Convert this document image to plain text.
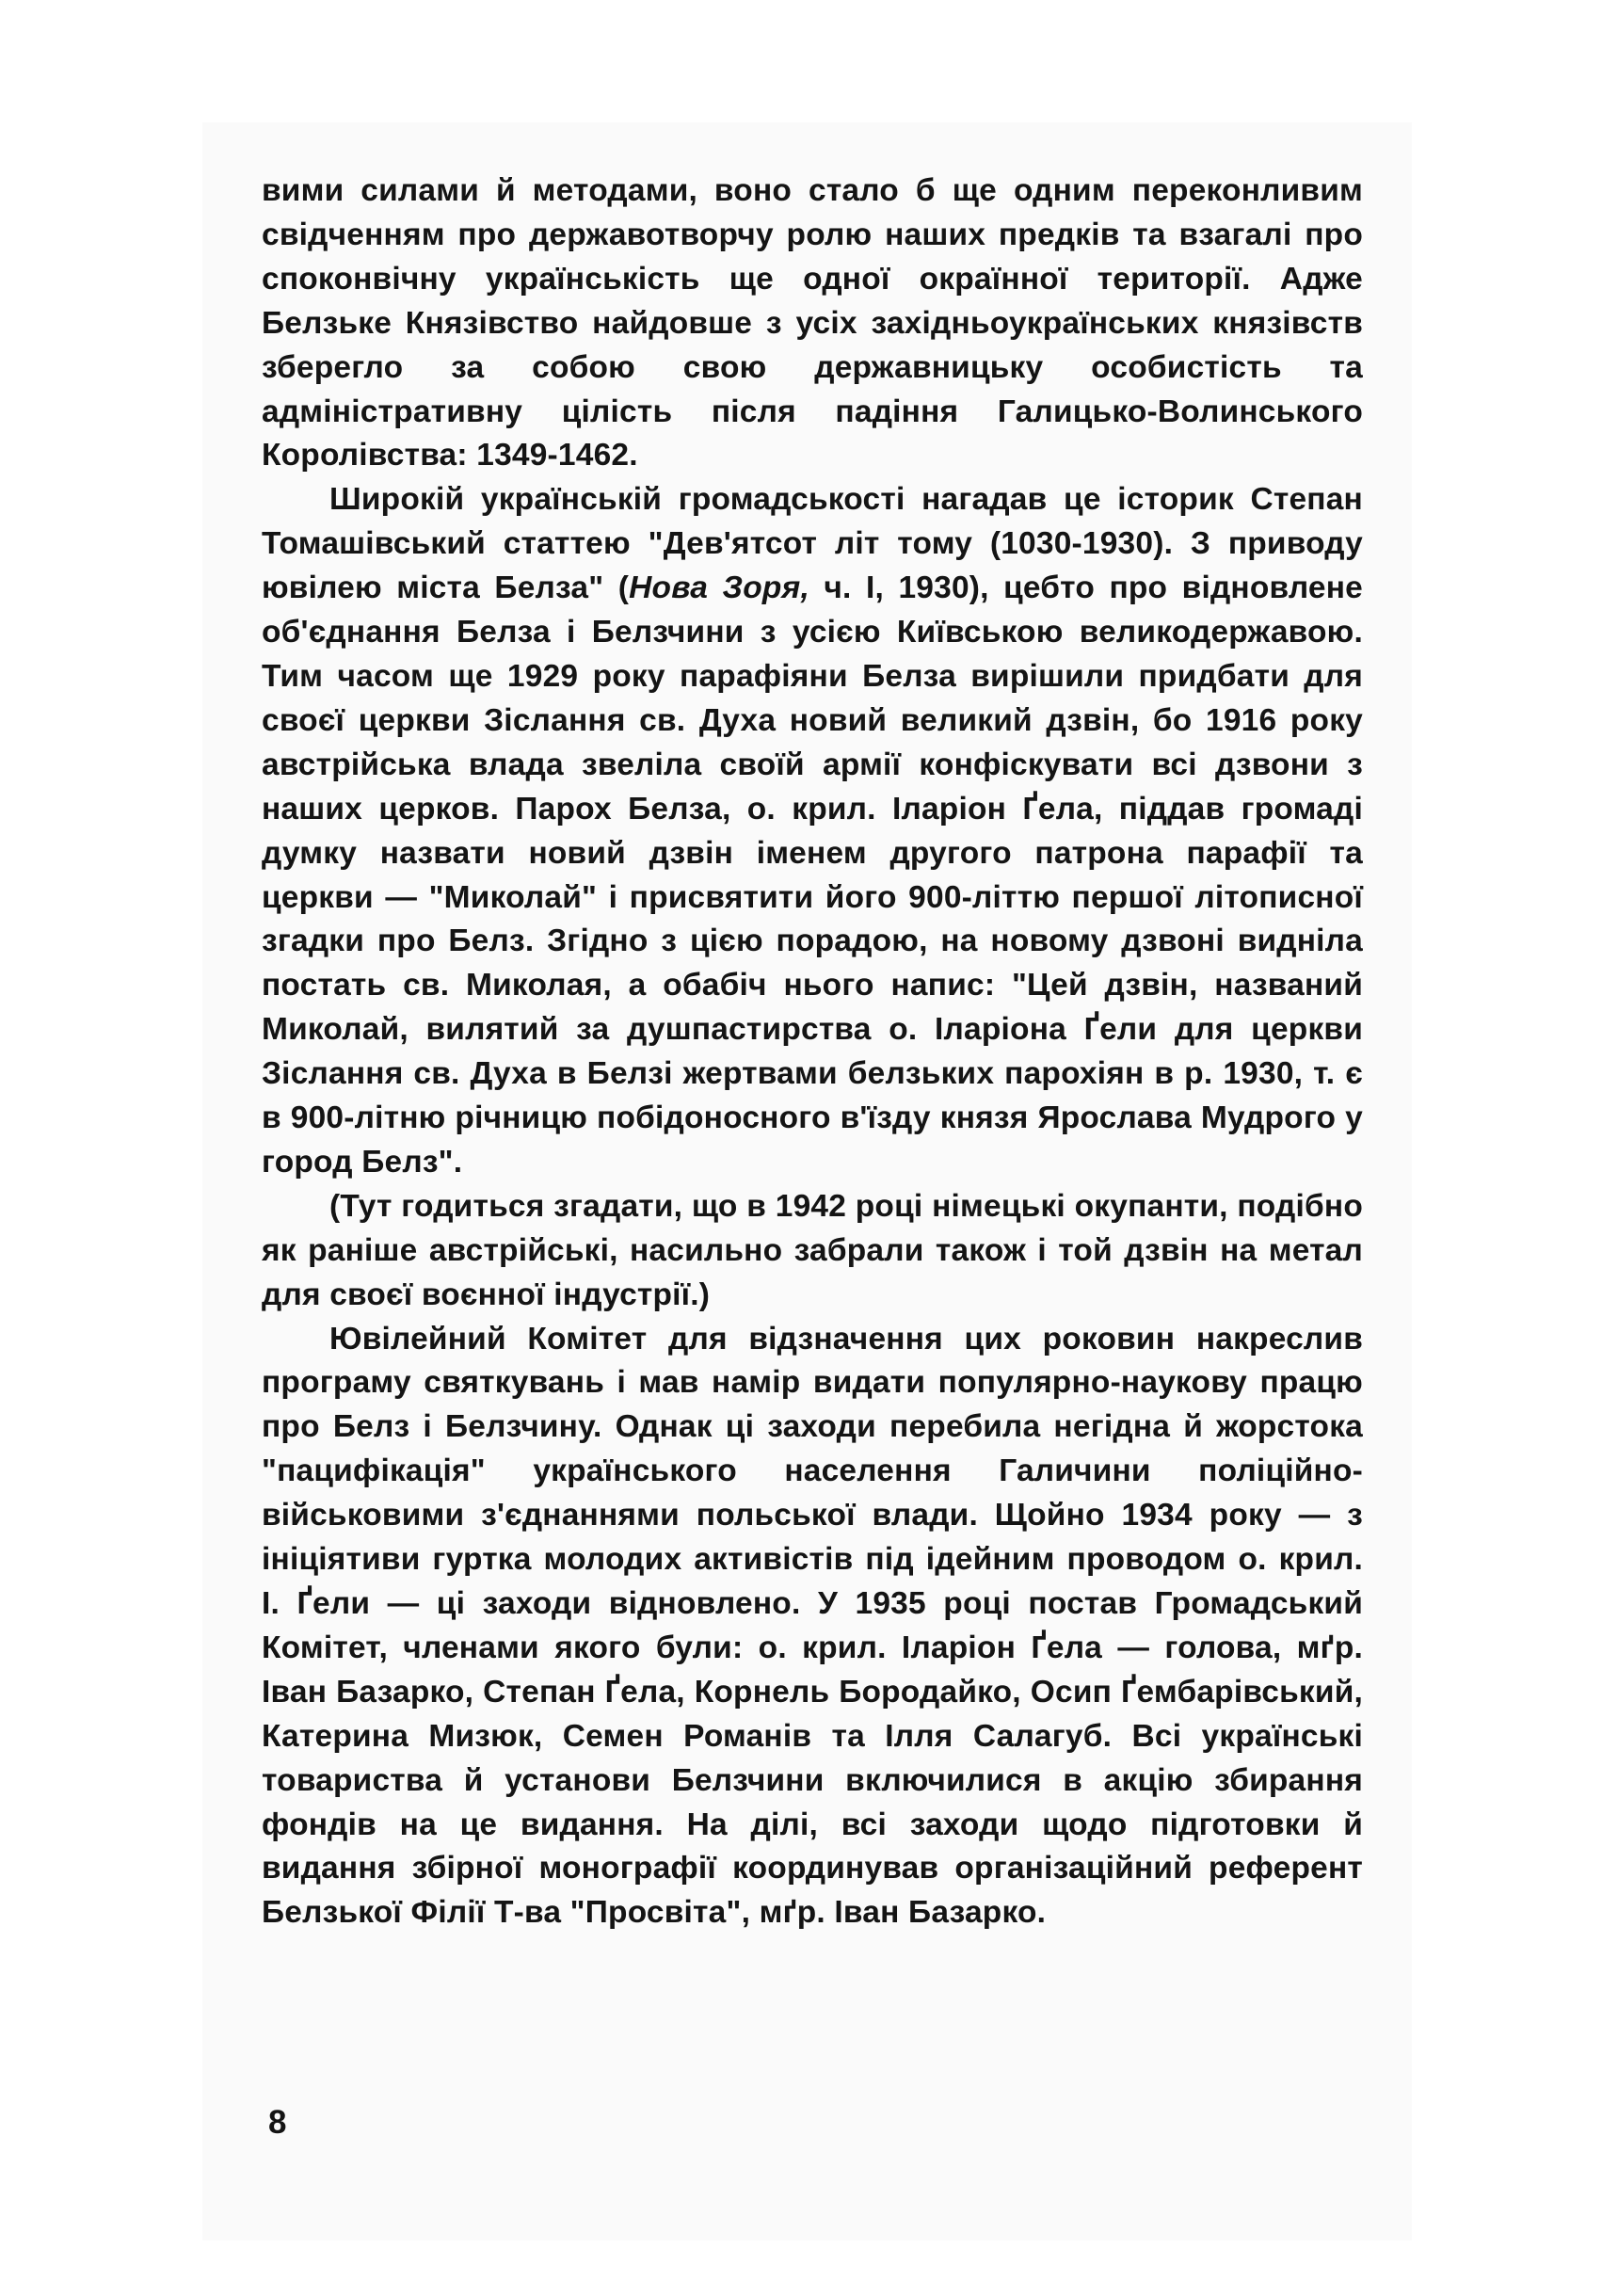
вими силами й методами, воно стало б ще одним переконливим свідченням про державотворчу ролю наших предків та взагалі про споконвічну українськість ще одної окраїнної території. Адже Белзьке Князівство найдовше з усіх західньоукраїнських князівств зберегло за собою свою державницьку особистість та адміністративну цілість після падіння Галицько-Волинського Королівства: 1349-1462.

Широкій українській громадськості нагадав це історик Степан Томашівський статтею "Дев'ятсот літ тому (1030-1930). З приводу ювілею міста Белза" (Нова Зоря, ч. І, 1930), цебто про відновлене об'єднання Белза і Белзчини з усією Київською великодержавою. Тим часом ще 1929 року парафіяни Белза вирішили придбати для своєї церкви Зіслання св. Духа новий великий дзвін, бо 1916 року австрійська влада звеліла своїй армії конфіскувати всі дзвони з наших церков. Парох Белза, о. крил. Іларіон Ґела, піддав громаді думку назвати новий дзвін іменем другого патрона парафії та церкви — "Миколай" і присвятити його 900-літтю першої літописної згадки про Белз. Згідно з цією порадою, на новому дзвоні видніла постать св. Миколая, а обабіч нього напис: "Цей дзвін, названий Миколай, вилятий за душпастирства о. Іларіона Ґели для церкви Зіслання св. Духа в Белзі жертвами белзьких парохіян в р. 1930, т. є в 900-літню річницю побідоносного в'їзду князя Ярослава Мудрого у город Белз".

(Тут годиться згадати, що в 1942 році німецькі окупанти, подібно як раніше австрійські, насильно забрали також і той дзвін на метал для своєї воєнної індустрії.)

Ювілейний Комітет для відзначення цих роковин накреслив програму святкувань і мав намір видати популярно-наукову працю про Белз і Белзчину. Однак ці заходи перебила негідна й жорстока "пацифікація" українського населення Галичини поліційно-військовими з'єднаннями польської влади. Щойно 1934 року — з ініціятиви гуртка молодих активістів під ідейним проводом о. крил. І. Ґели — ці заходи відновлено. У 1935 році постав Громадський Комітет, членами якого були: о. крил. Іларіон Ґела — голова, мґр. Іван Базарко, Степан Ґела, Корнель Бородайко, Осип Ґембарівський, Катерина Мизюк, Семен Романів та Ілля Салагуб. Всі українські товариства й установи Белзчини включилися в акцію збирання фондів на це видання. На ділі, всі заходи щодо підготовки й видання збірної монографії координував організаційний референт Белзької Філії Т-ва "Просвіта", мґр. Іван Базарко.

8
